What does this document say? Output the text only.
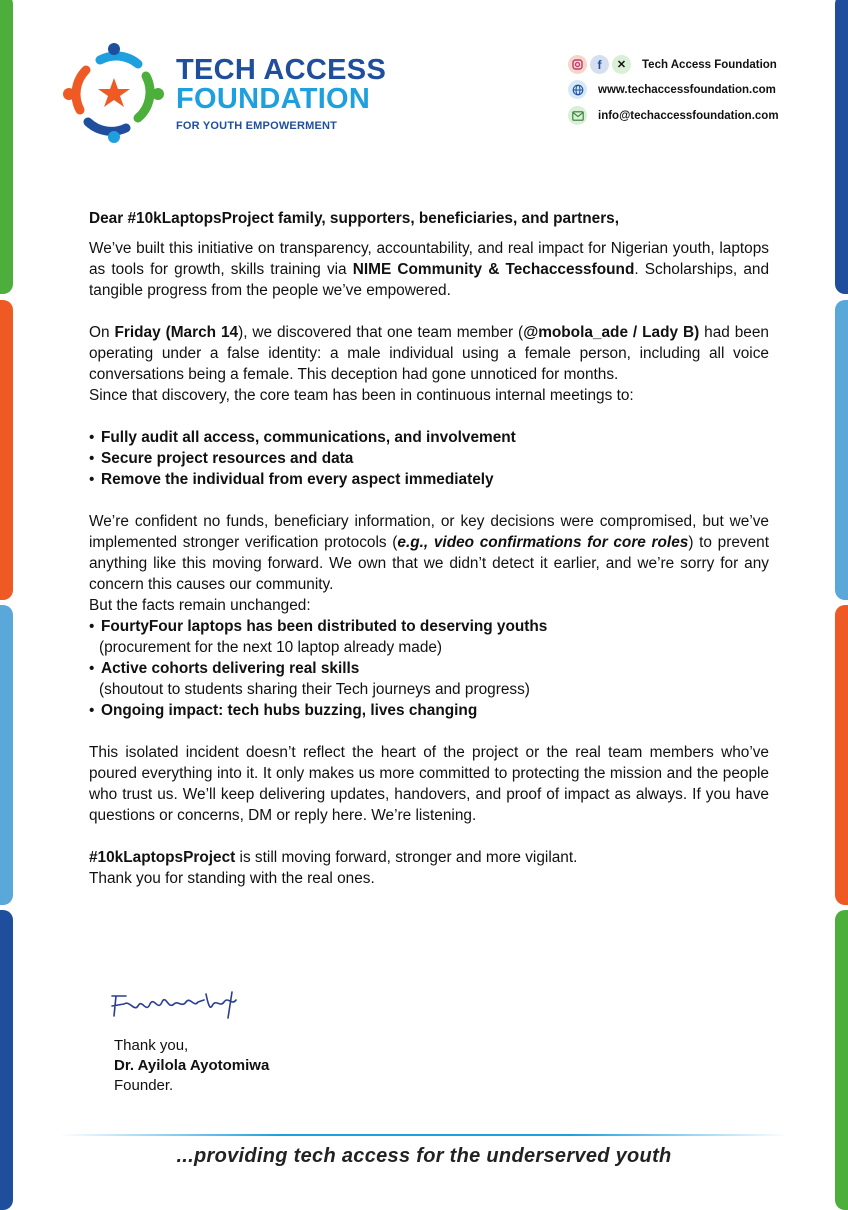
TECH ACCESS
FOUNDATION
FOR YOUTH EMPOWERMENT
f ✕ Tech Access Foundation
www.techaccessfoundation.com
info@techaccessfoundation.com

Dear #10kLaptopsProject family, supporters, beneficiaries, and partners,

We’ve built this initiative on transparency, accountability, and real impact for Nigerian youth, laptops as tools for growth, skills training via NIME Community & Techaccessfound. Scholarships, and tangible progress from the people we’ve empowered.

On Friday (March 14), we discovered that one team member (@mobola_ade / Lady B) had been operating under a false identity: a male individual using a female person, including all voice conversations being a female. This deception had gone unnoticed for months.

Since that discovery, the core team has been in continuous internal meetings to:

• Fully audit all access, communications, and involvement
• Secure project resources and data
• Remove the individual from every aspect immediately

We’re confident no funds, beneficiary information, or key decisions were compromised, but we’ve implemented stronger verification protocols (e.g., video confirmations for core roles) to prevent anything like this moving forward. We own that we didn’t detect it earlier, and we’re sorry for any concern this causes our community.

But the facts remain unchanged:

• FourtyFour laptops has been distributed to deserving youths
(procurement for the next 10 laptop already made)
• Active cohorts delivering real skills
(shoutout to students sharing their Tech journeys and progress)
• Ongoing impact: tech hubs buzzing, lives changing

This isolated incident doesn’t reflect the heart of the project or the real team members who’ve poured everything into it. It only makes us more committed to protecting the mission and the people who trust us. We’ll keep delivering updates, handovers, and proof of impact as always. If you have questions or concerns, DM or reply here. We’re listening.

#10kLaptopsProject is still moving forward, stronger and more vigilant.

Thank you for standing with the real ones.

Thank you,
Dr. Ayilola Ayotomiwa
Founder.
...providing tech access for the underserved youth
